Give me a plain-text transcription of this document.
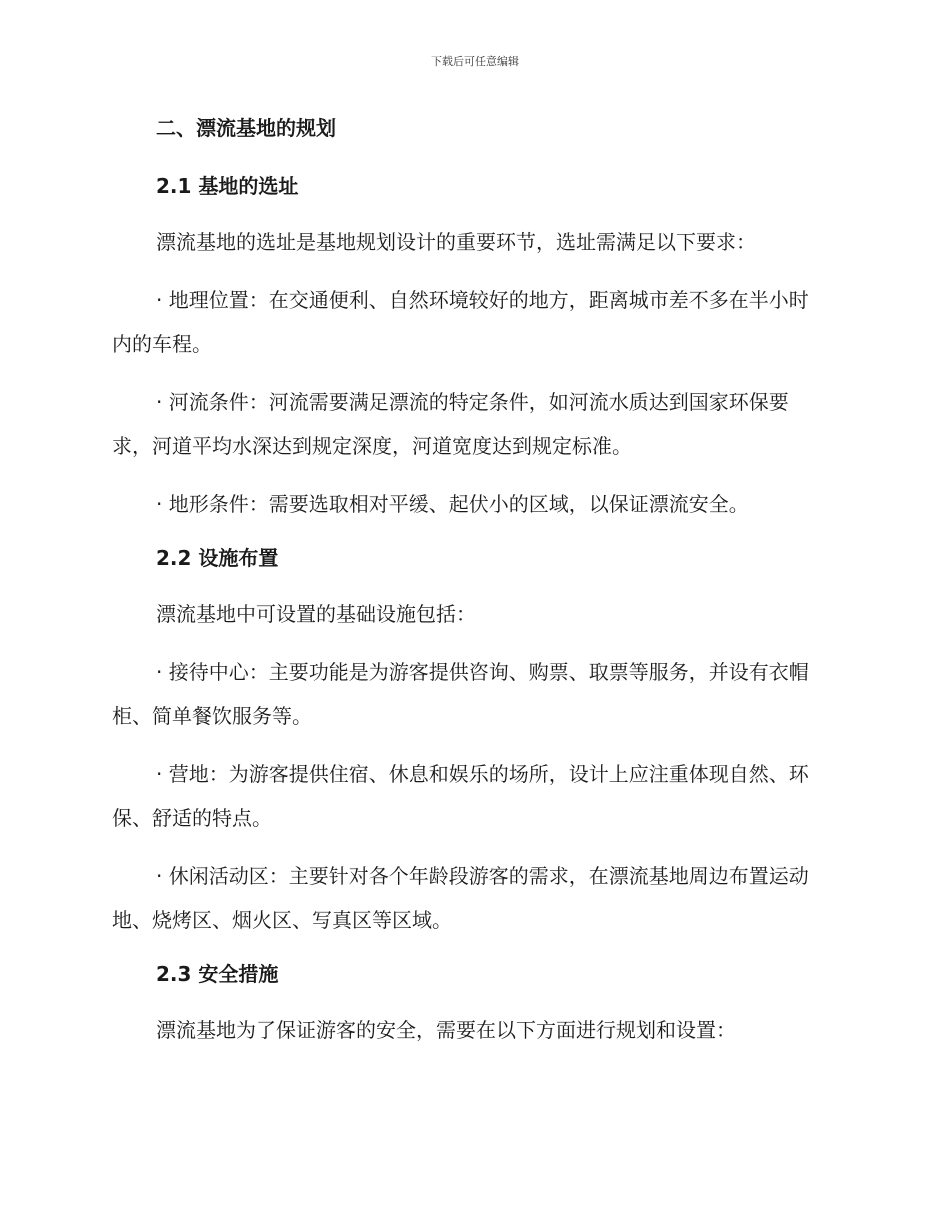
下载后可任意编辑
二、漂流基地的规划
2.1 基地的选址

漂流基地的选址是基地规划设计的重要环节，选址需满足以下要求：

· 地理位置：在交通便利、自然环境较好的地方，距离城市差不多在半小时内的车程。

· 河流条件：河流需要满足漂流的特定条件，如河流水质达到国家环保要求，河道平均水深达到规定深度，河道宽度达到规定标准。

· 地形条件：需要选取相对平缓、起伏小的区域，以保证漂流安全。

2.2 设施布置

漂流基地中可设置的基础设施包括：

· 接待中心：主要功能是为游客提供咨询、购票、取票等服务，并设有衣帽柜、简单餐饮服务等。

· 营地：为游客提供住宿、休息和娱乐的场所，设计上应注重体现自然、环保、舒适的特点。

· 休闲活动区：主要针对各个年龄段游客的需求，在漂流基地周边布置运动地、烧烤区、烟火区、写真区等区域。

2.3 安全措施

漂流基地为了保证游客的安全，需要在以下方面进行规划和设置：
